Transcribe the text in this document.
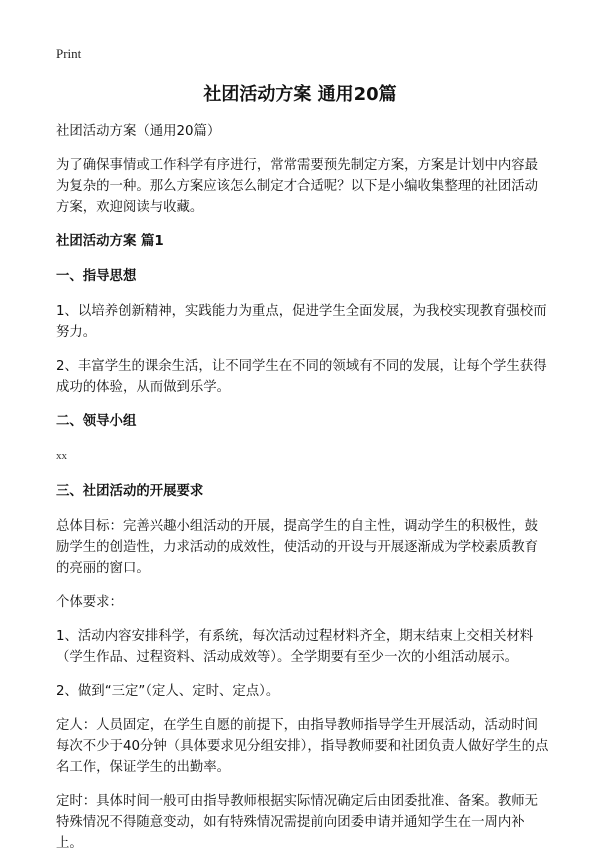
Print
社团活动方案 通用20篇

社团活动方案（通用20篇）

为了确保事情或工作科学有序进行，常常需要预先制定方案，方案是计划中内容最为复杂的一种。那么方案应该怎么制定才合适呢？以下是小编收集整理的社团活动方案，欢迎阅读与收藏。

社团活动方案 篇1

一、指导思想

1、以培养创新精神，实践能力为重点，促进学生全面发展，为我校实现教育强校而努力。

2、丰富学生的课余生活，让不同学生在不同的领域有不同的发展，让每个学生获得成功的体验，从而做到乐学。

二、领导小组

xx

三、社团活动的开展要求

总体目标：完善兴趣小组活动的开展，提高学生的自主性，调动学生的积极性，鼓励学生的创造性，力求活动的成效性，使活动的开设与开展逐渐成为学校素质教育的亮丽的窗口。

个体要求：

1、活动内容安排科学，有系统，每次活动过程材料齐全，期末结束上交相关材料（学生作品、过程资料、活动成效等）。全学期要有至少一次的小组活动展示。

2、做到“三定”（定人、定时、定点）。

定人：人员固定，在学生自愿的前提下，由指导教师指导学生开展活动，活动时间每次不少于40分钟（具体要求见分组安排），指导教师要和社团负责人做好学生的点名工作，保证学生的出勤率。

定时：具体时间一般可由指导教师根据实际情况确定后由团委批准、备案。教师无特殊情况不得随意变动，如有特殊情况需提前向团委申请并通知学生在一周内补上。
